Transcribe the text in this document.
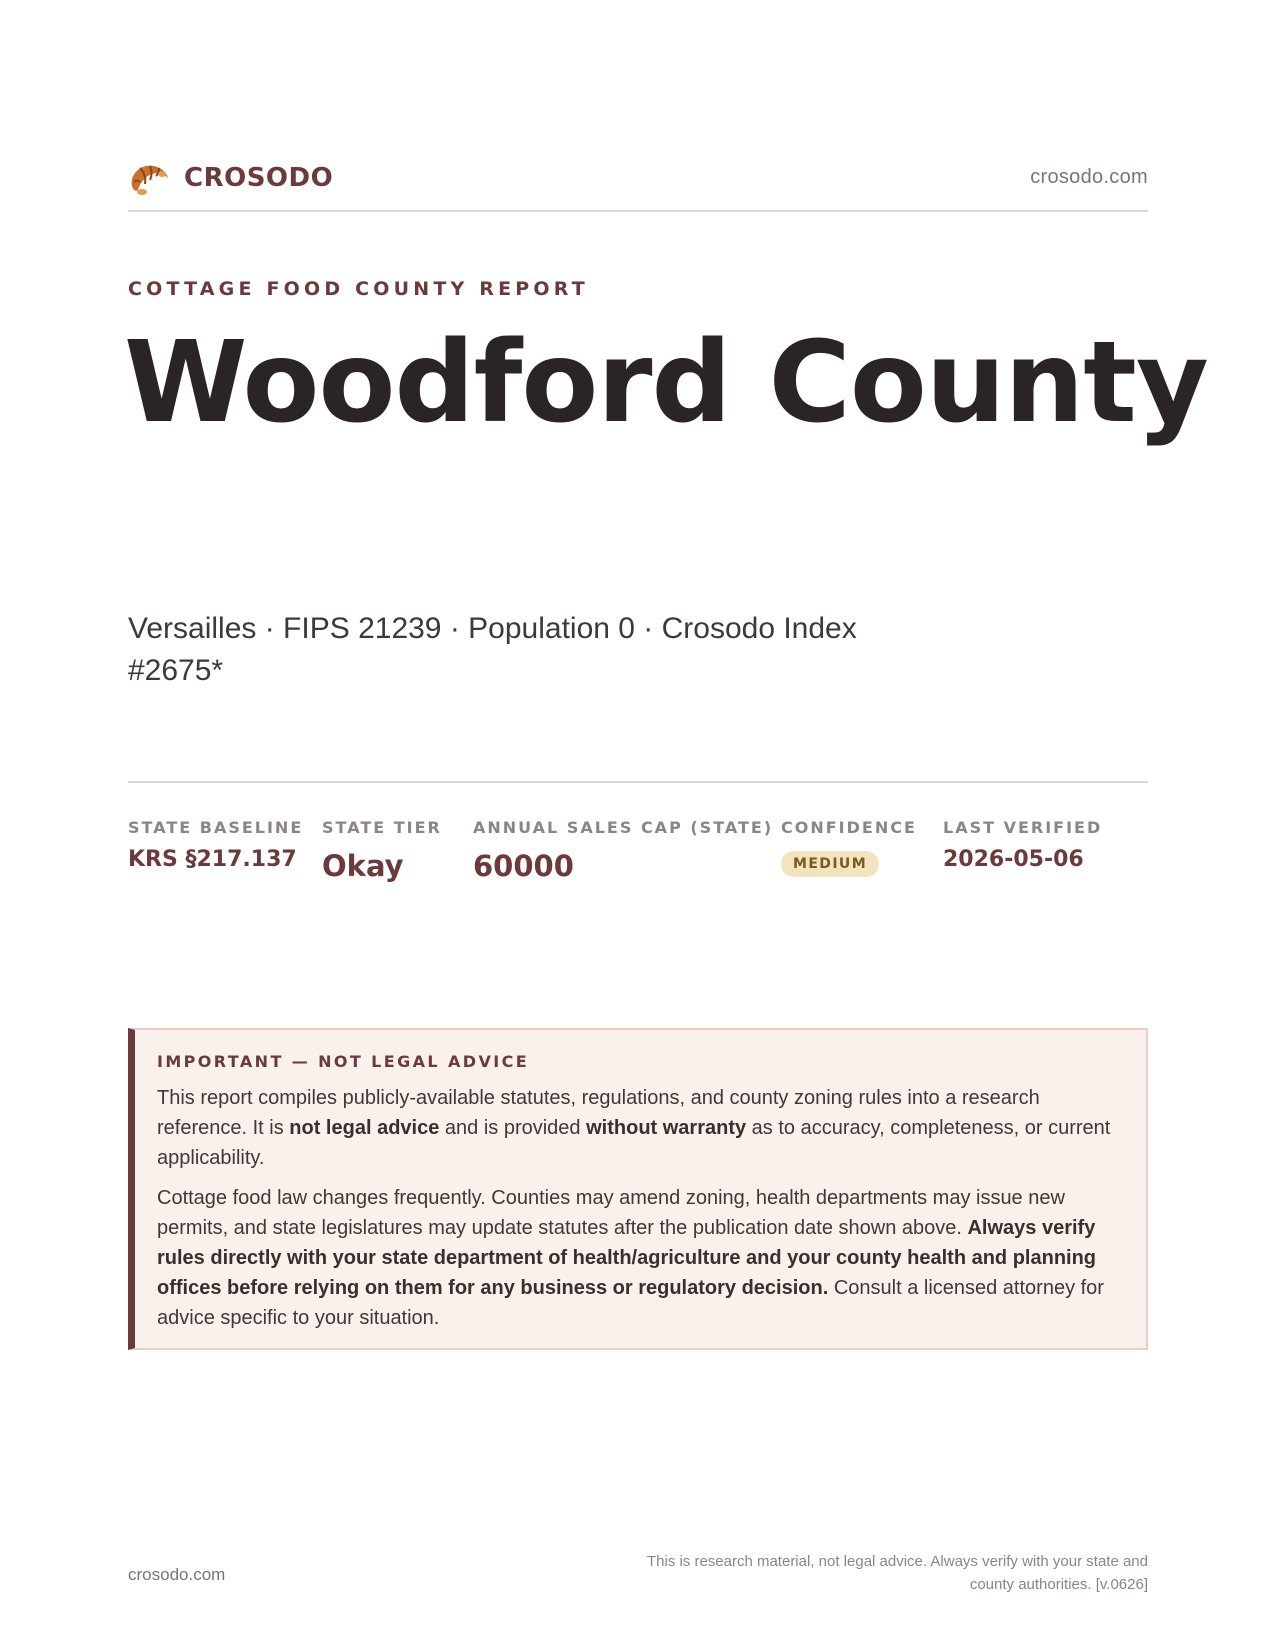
CROSODO	crosodo.com
COTTAGE FOOD COUNTY REPORT
Woodford County
Versailles · FIPS 21239 · Population 0 · Crosodo Index #2675*
STATE BASELINE
KRS §217.137
STATE TIER
Okay
ANNUAL SALES CAP (STATE)
60000
CONFIDENCE
MEDIUM
LAST VERIFIED
2026-05-06
IMPORTANT — NOT LEGAL ADVICE

This report compiles publicly-available statutes, regulations, and county zoning rules into a research reference. It is not legal advice and is provided without warranty as to accuracy, completeness, or current applicability.

Cottage food law changes frequently. Counties may amend zoning, health departments may issue new permits, and state legislatures may update statutes after the publication date shown above. Always verify rules directly with your state department of health/agriculture and your county health and planning offices before relying on them for any business or regulatory decision. Consult a licensed attorney for advice specific to your situation.

crosodo.com
This is research material, not legal advice. Always verify with your state and county authorities. [v.0626]
